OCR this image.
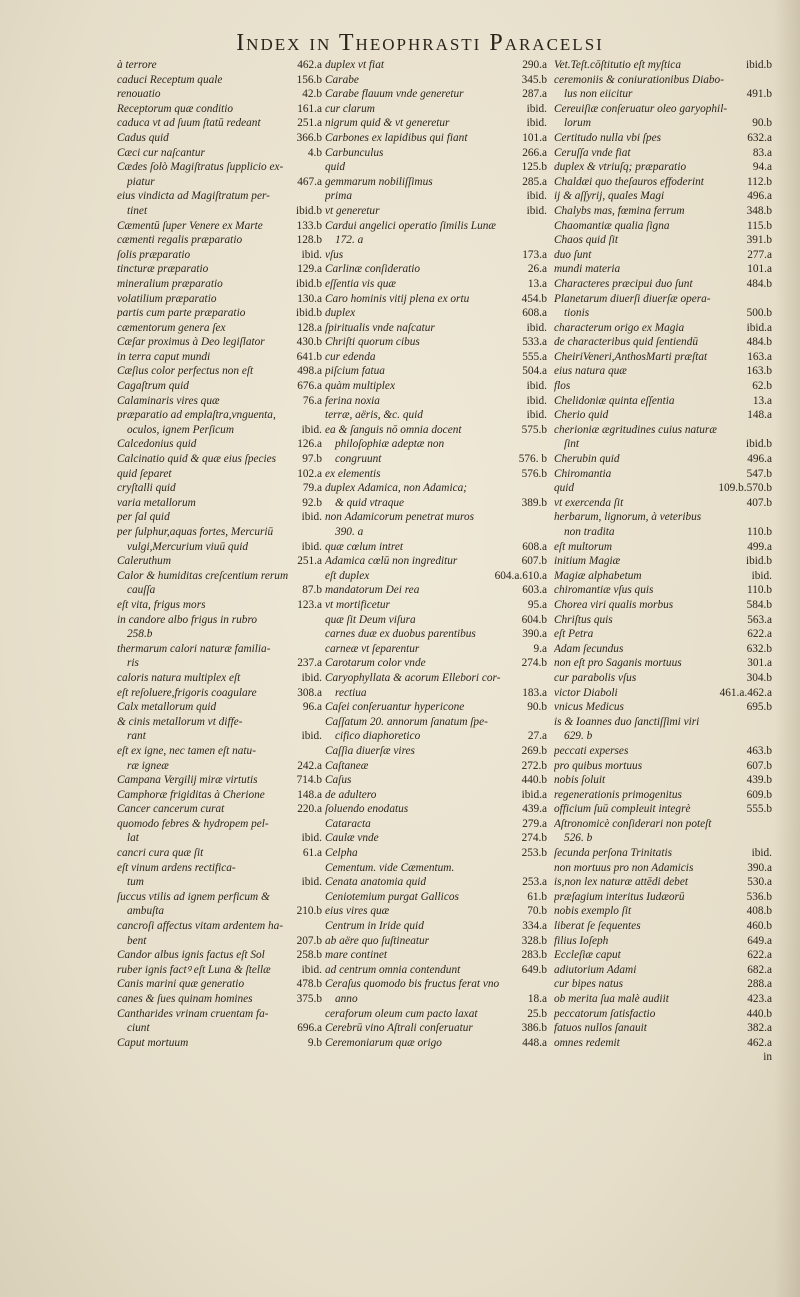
Index in Theophrasti Paracelsi
à terrore	462.a
caduci Receptum quale	156.b
renouatio	42.b
Receptorum quæ conditio	161.a
caduca vt ad ſuum ſtatū redeant	251.a
Cadus quid	366.b
Cæci cur naſcantur	4.b
Cædes ſolò Magiſtratus ſupplicio ex-
piatur	467.a
eius vindicta ad Magiſtratum per-
tinet	ibid.b
Cæmentū ſuper Venere ex Marte	133.b
cæmenti regalis præparatio	128.b
ſolis præparatio	ibid.
tincturæ præparatio	129.a
mineralium præparatio	ibid.b
volatilium præparatio	130.a
partis cum parte præparatio	ibid.b
cæmentorum genera ſex	128.a
Cæſar proximus à Deo legiſlator	430.b
in terra caput mundi	641.b
Cæſius color perfectus non eſt	498.a
Cagaſtrum quid	676.a
Calaminaris vires quæ	76.a
præparatio ad emplaſtra,vnguenta,
oculos, ignem Perſicum	ibid.
Calcedonius quid	126.a
Calcinatio quid & quæ eius ſpecies	97.b
quid ſeparet	102.a
cryſtalli quid	79.a
varia metallorum	92.b
per ſal quid	ibid.
per ſulphur,aquas fortes, Mercuriū
vulgi,Mercurium viuū quid	ibid.
Caleruthum	251.a
Calor & humiditas creſcentium rerum
cauſſa	87.b
eſt vita, frigus mors	123.a
in candore albo frigus in rubro
258.b
thermarum calori naturæ familia-
ris	237.a
caloris natura multiplex eſt	ibid.
eſt reſoluere,frigoris coagulare	308.a
Calx metallorum quid	96.a
& cinis metallorum vt diffe-
rant	ibid.
eſt ex igne, nec tamen eſt natu-
ræ igneæ	242.a
Campana Vergilij miræ virtutis	714.b
Camphoræ frigiditas à Cherione	148.a
Cancer cancerum curat	220.a
quomodo febres & hydropem pel-
lat	ibid.
cancri cura quæ ſit	61.a
eſt vinum ardens rectifica-
tum	ibid.
ſuccus vtilis ad ignem perficum &
ambuſta	210.b
cancroſi affectus vitam ardentem ha-
bent	207.b
Candor albus ignis factus eſt Sol	258.b
ruber ignis factꝰ eſt Luna & ſtellæ	ibid.
Canis marini quæ generatio	478.b
canes & ſues quinam homines	375.b
Cantharides vrinam cruentam fa-
ciunt	696.a
Caput mortuum	9.b
duplex vt fiat	290.a
Carabe	345.b
Carabe flauum vnde generetur	287.a
cur clarum	ibid.
nigrum quid & vt generetur	ibid.
Carbones ex lapidibus qui fiant	101.a
Carbunculus	266.a
quid	125.b
gemmarum nobiliſſimus	285.a
prima	ibid.
vt generetur	ibid.
Cardui angelici operatio ſimilis Lunæ
172. a
vſus	173.a
Carlinæ conſideratio	26.a
eſſentia vis quæ	13.a
Caro hominis vitij plena ex ortu	454.b
duplex	608.a
ſpiritualis vnde naſcatur	ibid.
Chriſti quorum cibus	533.a
cur edenda	555.a
piſcium fatua	504.a
quàm multiplex	ibid.
ferina noxia	ibid.
terræ, aëris, &c. quid	ibid.
ea & ſanguis nō omnia docent	575.b
philoſophiæ adeptæ non
congruunt	576. b
ex elementis	576.b
duplex Adamica, non Adamica;
& quid vtraque	389.b
non Adamicorum penetrat muros
390. a
quæ cœlum intret	608.a
Adamica cœlū non ingreditur	607.b
eſt duplex	604.a.610.a
mandatorum Dei rea	603.a
vt mortificetur	95.a
quæ ſit Deum viſura	604.b
carnes duæ ex duobus parentibus	390.a
carneæ vt ſeparentur	9.a
Carotarum color vnde	274.b
Caryophyllata & acorum Ellebori cor-
rectiua	183.a
Caſei conſeruantur hypericone	90.b
Caſſatum 20. annorum ſanatum ſpe-
cifico diaphoretico	27.a
Caſſia diuerſæ vires	269.b
Caſtaneæ	272.b
Caſus	440.b
de adultero	ibid.a
ſoluendo enodatus	439.a
Cataracta	279.a
Caulæ vnde	274.b
Celpha	253.b
Cementum. vide Cæmentum.
Cenata anatomia quid	253.a
Ceniotemium purgat Gallicos	61.b
eius vires quæ	70.b
Centrum in Iride quid	334.a
ab aëre quo ſuſtineatur	328.b
mare continet	283.b
ad centrum omnia contendunt	649.b
Ceraſus quomodo bis fructus ferat vno
anno	18.a
ceraforum oleum cum pacto laxat	25.b
Cerebrū vino Aſtrali conſeruatur	386.b
Ceremoniarum quæ origo	448.a
Vet.Teſt.cōſtitutio eſt myſtica	ibid.b
ceremoniis & coniurationibus Diabo-
lus non eiicitur	491.b
Cereuiſiæ conſeruatur oleo garyophil-
lorum	90.b
Certitudo nulla vbi ſpes	632.a
Ceruſſa vnde fiat	83.a
duplex & vtriuſq; præparatio	94.a
Chaldæi quo theſauros effoderint	112.b
ij & aſſyrij, quales Magi	496.a
Chalybs mas, fœmina ferrum	348.b
Chaomantiæ qualia ſigna	115.b
Chaos quid ſit	391.b
duo ſunt	277.a
mundi materia	101.a
Characteres præcipui duo ſunt	484.b
Planetarum diuerſi diuerſæ opera-
tionis	500.b
characterum origo ex Magia	ibid.a
de characteribus quid ſentiendū	484.b
CheiriVeneri,AnthosMarti præſtat	163.a
eius natura quæ	163.b
flos	62.b
Chelidoniæ quinta eſſentia	13.a
Cherio quid	148.a
cherioniæ ægritudines cuius naturæ
ſint	ibid.b
Cherubin quid	496.a
Chiromantia	547.b
quid	109.b.570.b
vt exercenda ſit	407.b
herbarum, lignorum, à veteribus
non tradita	110.b
eſt multorum	499.a
initium Magiæ	ibid.b
Magiæ alphabetum	ibid.
chiromantiæ vſus quis	110.b
Chorea viri qualis morbus	584.b
Chriſtus quis	563.a
eſt Petra	622.a
Adam ſecundus	632.b
non eſt pro Saganis mortuus	301.a
cur parabolis vſus	304.b
victor Diaboli	461.a.462.a
vnicus Medicus	695.b
is & Ioannes duo ſanctiſſimi viri
629. b
peccati experses	463.b
pro quibus mortuus	607.b
nobis ſoluit	439.b
regenerationis primogenitus	609.b
officium ſuū compleuit integrè	555.b
Aſtronomicè conſiderari non poteſt
526. b
ſecunda perſona Trinitatis	ibid.
non mortuus pro non Adamicis	390.a
is,non lex naturæ attēdi debet	530.a
præſagium interitus Iudæorū	536.b
nobis exemplo ſit	408.b
liberat ſe ſequentes	460.b
filius Ioſeph	649.a
Eccleſiæ caput	622.a
adiutorium Adami	682.a
cur bipes natus	288.a
ob merita ſua malè audiit	423.a
peccatorum ſatisfactio	440.b
fatuos nullos ſanauit	382.a
omnes redemit	462.a
in
